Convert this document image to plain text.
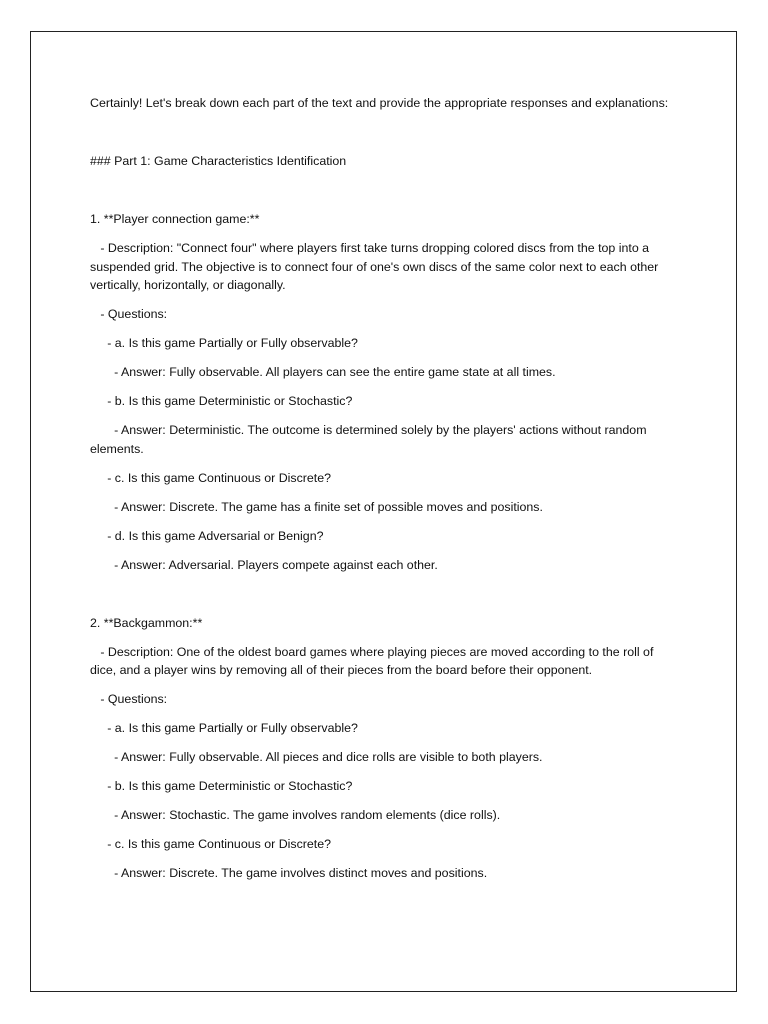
Certainly! Let's break down each part of the text and provide the appropriate responses and explanations:

### Part 1: Game Characteristics Identification

1. **Player connection game:**

- Description: "Connect four" where players first take turns dropping colored discs from the top into a suspended grid. The objective is to connect four of one's own discs of the same color next to each other vertically, horizontally, or diagonally.

- Questions:

- a. Is this game Partially or Fully observable?

- Answer: Fully observable. All players can see the entire game state at all times.

- b. Is this game Deterministic or Stochastic?

- Answer: Deterministic. The outcome is determined solely by the players' actions without random elements.

- c. Is this game Continuous or Discrete?

- Answer: Discrete. The game has a finite set of possible moves and positions.

- d. Is this game Adversarial or Benign?

- Answer: Adversarial. Players compete against each other.

2. **Backgammon:**

- Description: One of the oldest board games where playing pieces are moved according to the roll of dice, and a player wins by removing all of their pieces from the board before their opponent.

- Questions:

- a. Is this game Partially or Fully observable?

- Answer: Fully observable. All pieces and dice rolls are visible to both players.

- b. Is this game Deterministic or Stochastic?

- Answer: Stochastic. The game involves random elements (dice rolls).

- c. Is this game Continuous or Discrete?

- Answer: Discrete. The game involves distinct moves and positions.
